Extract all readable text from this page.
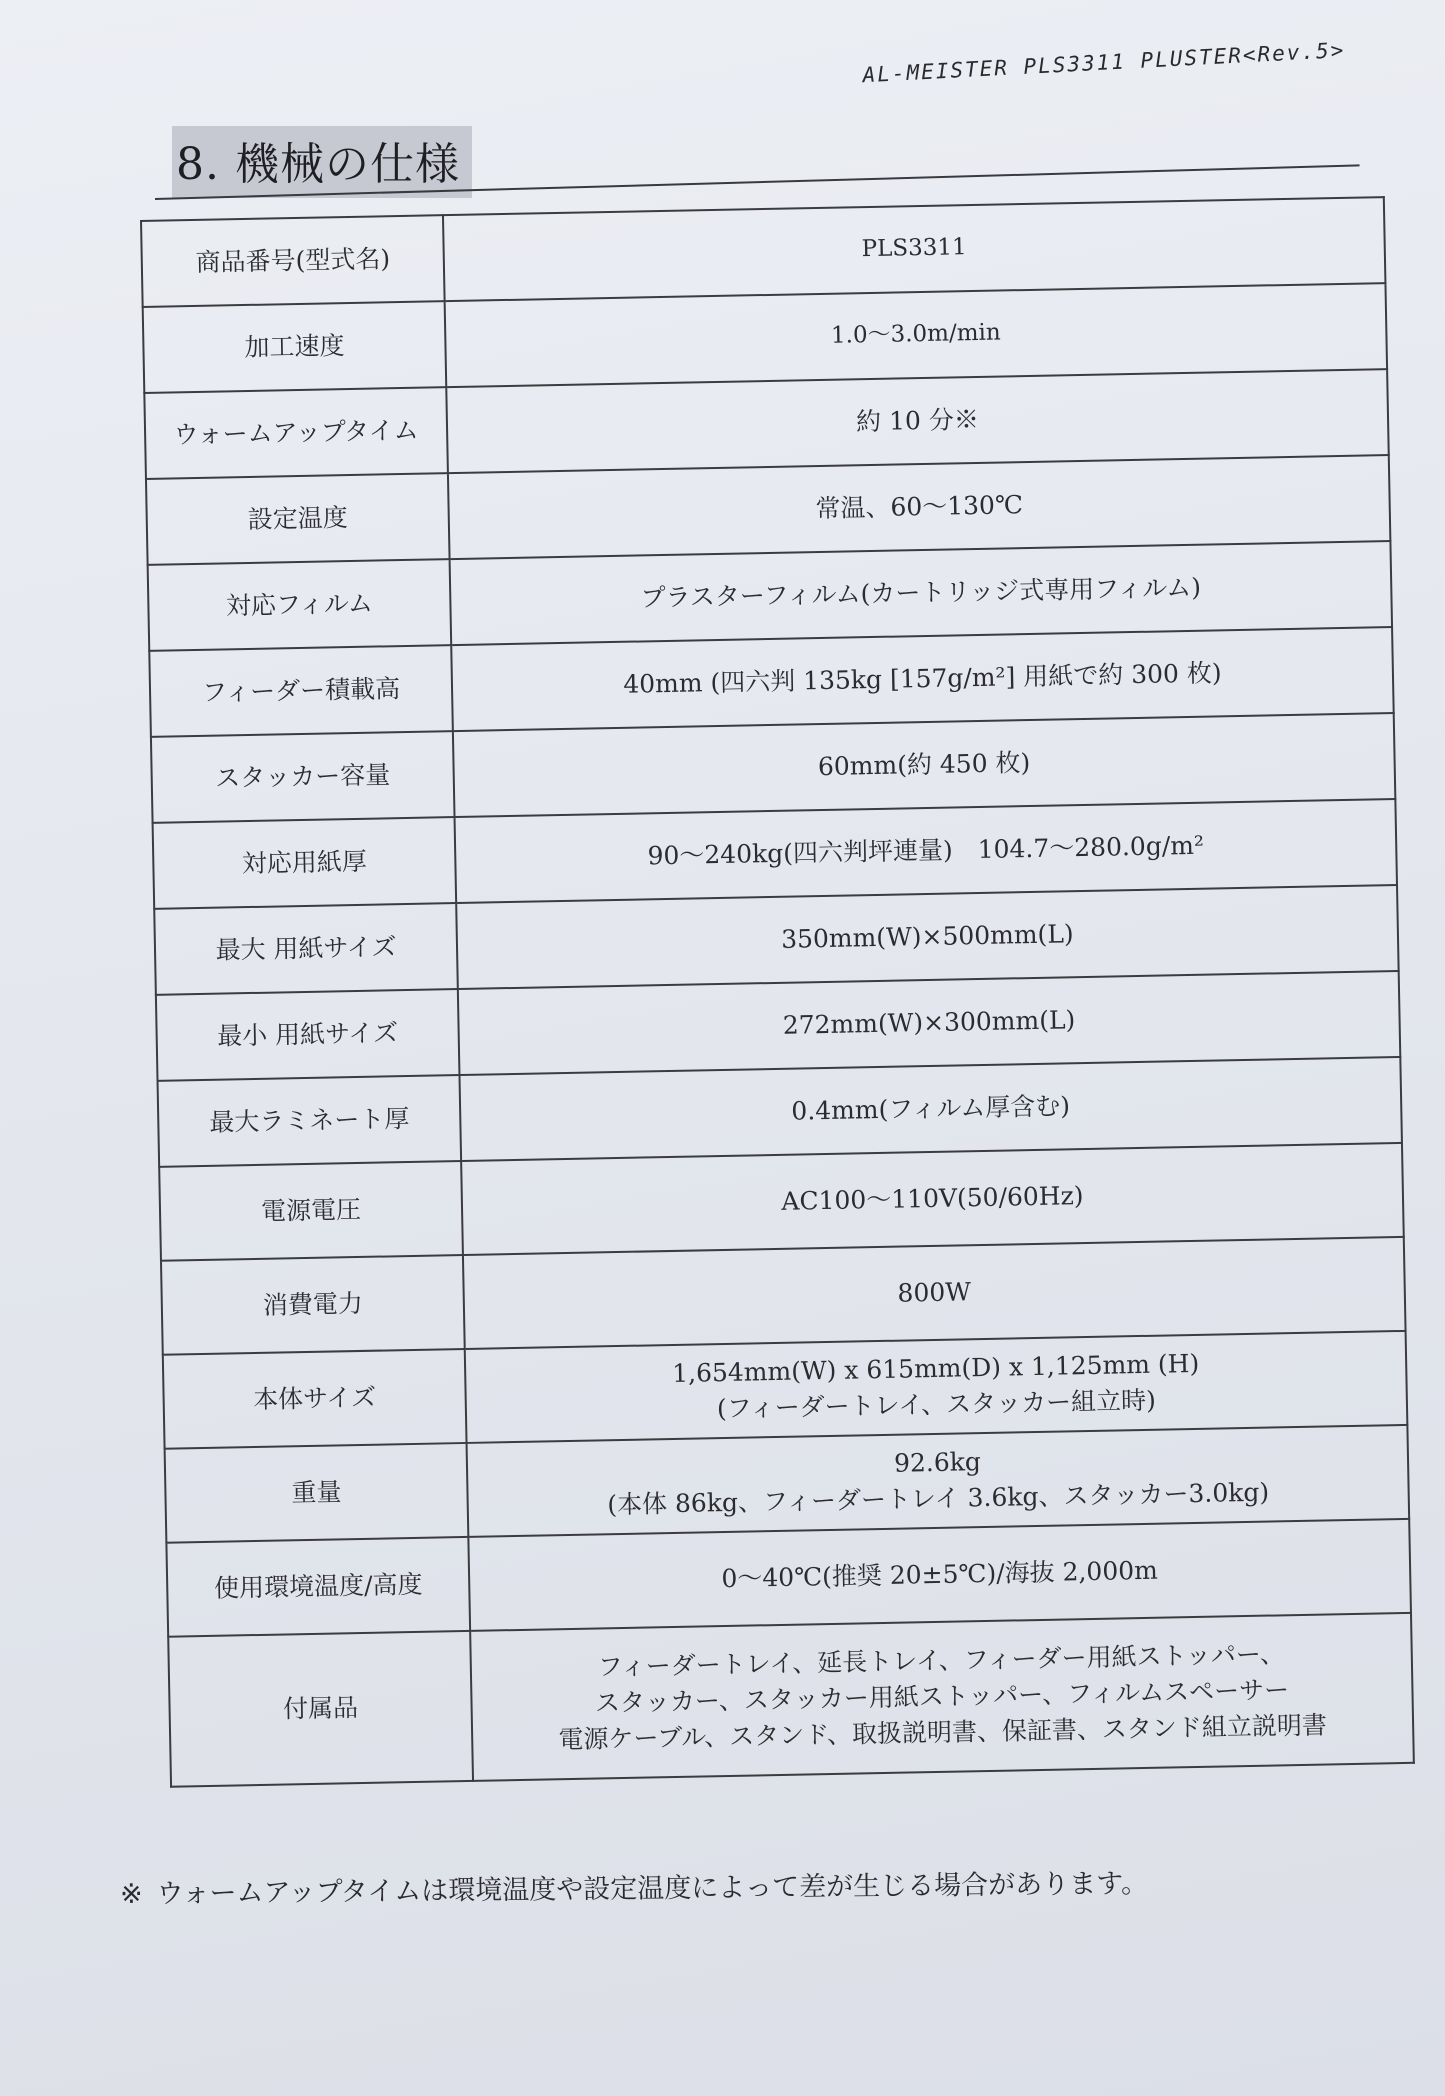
AL-MEISTER PLS3311 PLUSTER<Rev.5>
8. 機械の仕様
商品番号(型式名)	PLS3311

加工速度	1.0～3.0m/min

ウォームアップタイム	約 10 分※

設定温度	常温、60～130℃

対応フィルム	プラスターフィルム(カートリッジ式専用フィルム)

フィーダー積載高	40mm (四六判 135kg [157g/m²] 用紙で約 300 枚)

スタッカー容量	60mm(約 450 枚)

対応用紙厚	90～240kg(四六判坪連量)　104.7～280.0g/m²

最大 用紙サイズ	350mm(W)×500mm(L)

最小 用紙サイズ	272mm(W)×300mm(L)

最大ラミネート厚	0.4mm(フィルム厚含む)

電源電圧	AC100～110V(50/60Hz)

消費電力	800W

本体サイズ	1,654mm(W) x 615mm(D) x 1,125mm (H)
(フィーダートレイ、スタッカー組立時)

重量	92.6kg
(本体 86kg、フィーダートレイ 3.6kg、スタッカー3.0kg)

使用環境温度/高度	0～40℃(推奨 20±5℃)/海抜 2,000m

付属品	フィーダートレイ、延長トレイ、フィーダー用紙ストッパー、
スタッカー、スタッカー用紙ストッパー、フィルムスペーサー
電源ケーブル、スタンド、取扱説明書、保証書、スタンド組立説明書
※ ウォームアップタイムは環境温度や設定温度によって差が生じる場合があります。
